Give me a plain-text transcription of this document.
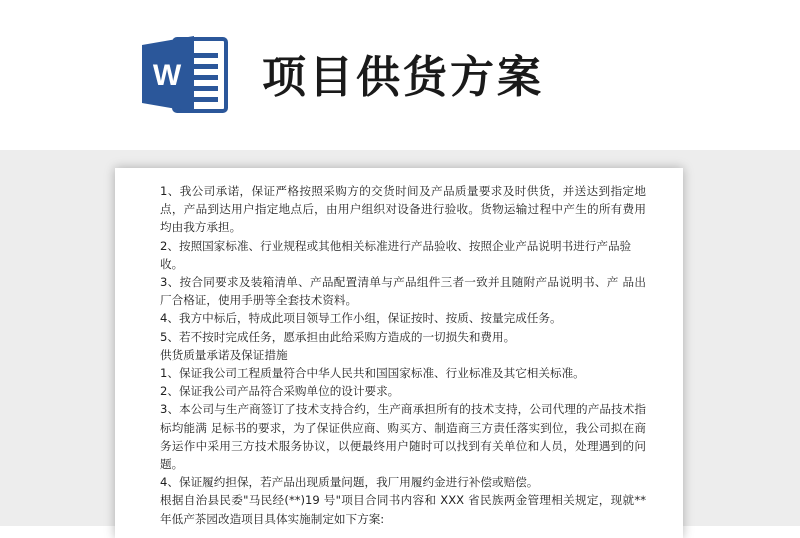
W 项目供货方案
1、我公司承诺，保证严格按照采购方的交货时间及产品质量要求及时供货，并送达到指定地点，产品到达用户指定地点后，由用户组织对设备进行验收。货物运输过程中产生的所有费用均由我方承担。
2、按照国家标准、行业规程或其他相关标准进行产品验收、按照企业产品说明书进行产品验收。
3、按合同要求及装箱清单、产品配置清单与产品组件三者一致并且随附产品说明书、产 品出厂合格证，使用手册等全套技术资料。
4、我方中标后，特成此项目领导工作小组，保证按时、按质、按量完成任务。
5、若不按时完成任务，愿承担由此给采购方造成的一切损失和费用。
供货质量承诺及保证措施
1、保证我公司工程质量符合中华人民共和国国家标准、行业标准及其它相关标准。
2、保证我公司产品符合采购单位的设计要求。
3、本公司与生产商签订了技术支持合约，生产商承担所有的技术支持，公司代理的产品技术指标均能满 足标书的要求，为了保证供应商、购买方、制造商三方责任落实到位，我公司拟在商务运作中采用三方技术服务协议，以便最终用户随时可以找到有关单位和人员，处理遇到的问题。
4、保证履约担保，若产品出现质量问题，我厂用履约金进行补偿或赔偿。
根据自治县民委"马民经(**)19 号"项目合同书内容和 XXX 省民族两金管理相关规定，现就**年低产茶园改造项目具体实施制定如下方案:
